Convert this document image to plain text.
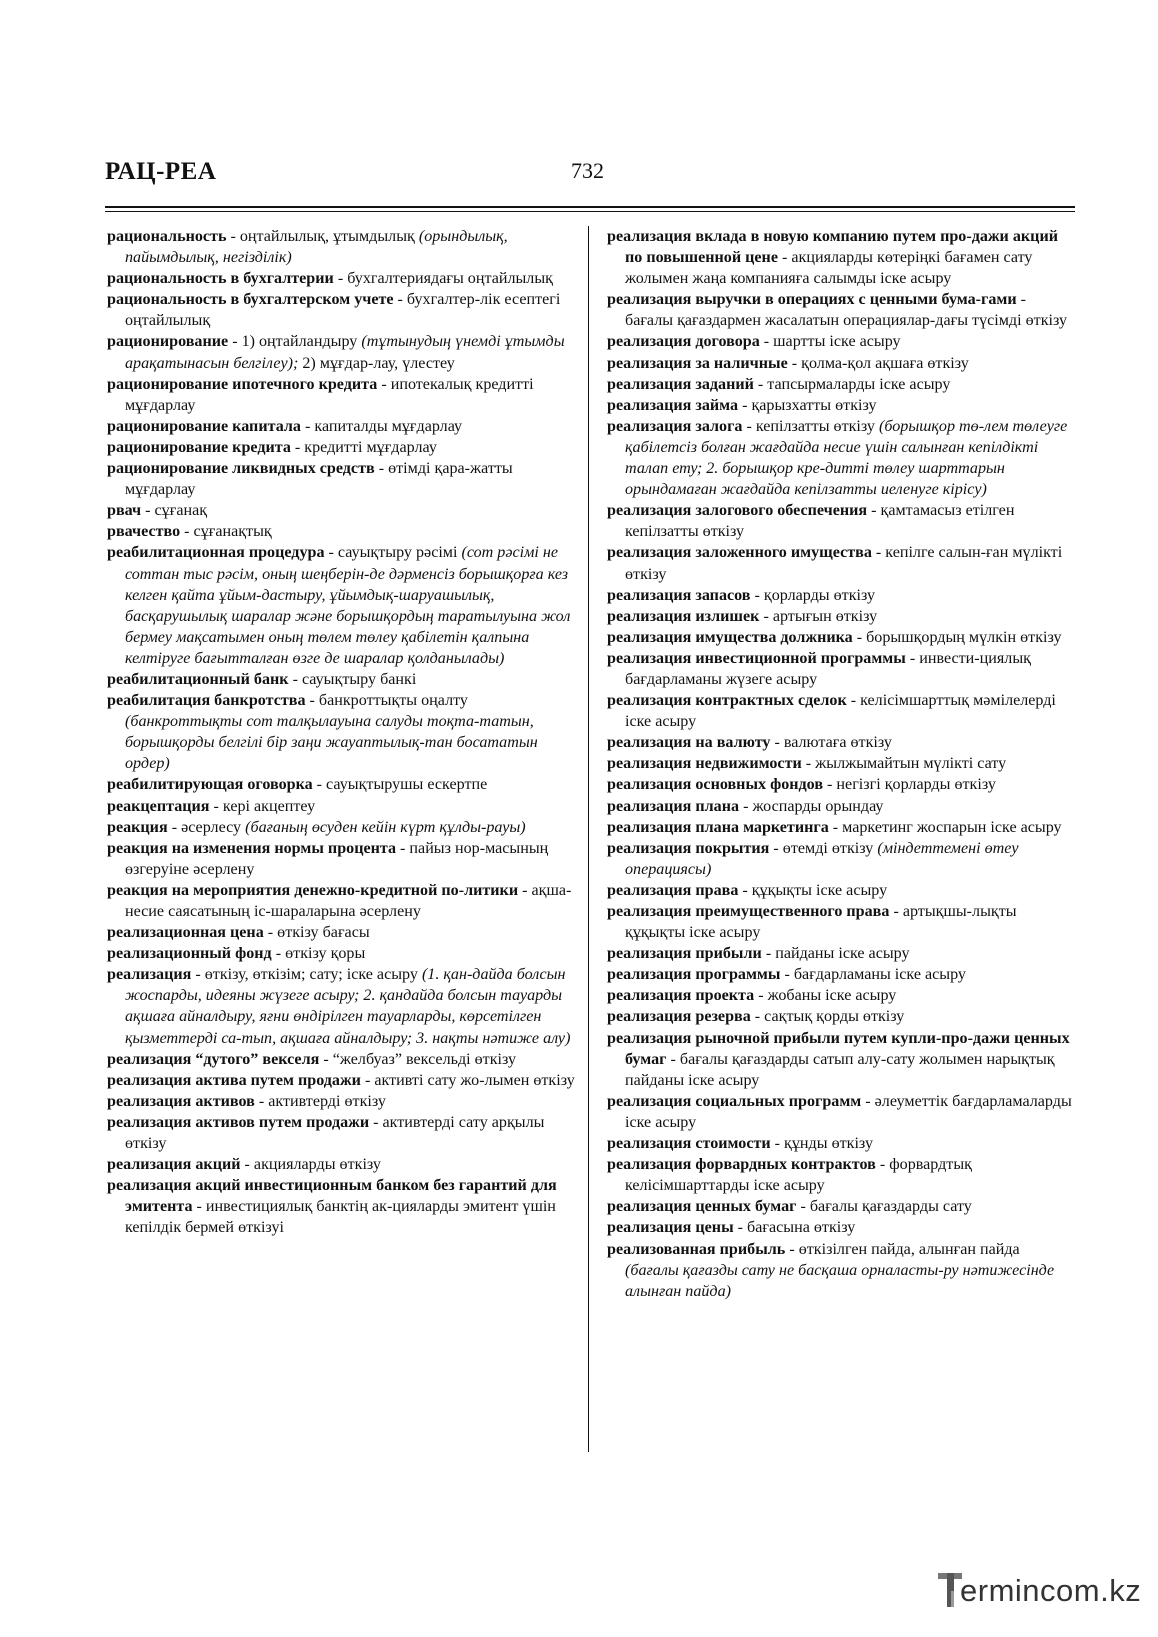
РАЦ-РЕА	732

рациональность - оңтайлылық, ұтымдылық (орындылық, пайымдылық, негізділік)

рациональность в бухгалтерии - бухгалтериядағы оңтайлылық

рациональность в бухгалтерском учете - бухгалтер-лік есептегі оңтайлылық

рационирование - 1) оңтайландыру (тұтынудың үнемді ұтымды арақатынасын белгілеу); 2) мұғдар-лау, үлестеу

рационирование ипотечного кредита - ипотекалық кредитті мұғдарлау

рационирование капитала - капиталды мұғдарлау

рационирование кредита - кредитті мұғдарлау

рационирование ликвидных средств - өтімді қара-жатты мұғдарлау

рвач - сұғанақ

рвачество - сұғанақтық

реабилитационная процедура - сауықтыру рәсімі (сот рәсімі не соттан тыс рәсім, оның шеңберін-де дәрменсіз борышқорға кез келген қайта ұйым-дастыру, ұйымдық-шаруашылық, басқарушылық шаралар және борышқордың таратылуына жол бермеу мақсатымен оның төлем төлеу қабілетін қалпына келтіруге бағытталған өзге де шаралар қолданылады)

реабилитационный банк - сауықтыру банкі

реабилитация банкротства - банкроттықты оңалту (банкроттықты сот талқылауына салуды тоқта-татын, борышқорды белгілі бір заңи жауаптылық-тан босататын ордер)

реабилитирующая оговорка - сауықтырушы ескертпе

реакцептация - кері акцептеу

реакция - әсерлесу (бағаның өсуден кейін күрт құлды-рауы)

реакция на изменения нормы процента - пайыз нор-масының өзгеруіне әсерлену

реакция на мероприятия денежно-кредитной по-литики - ақша-несие саясатының іс-шараларына әсерлену

реализационная цена - өткізу бағасы

реализационный фонд - өткізу қоры

реализация - өткізу, өткізім; сату; іске асыру (1. қан-дайда болсын жоспарды, идеяны жүзеге асыру; 2. қандайда болсын тауарды ақшаға айналдыру, яғни өндірілген тауарларды, көрсетілген қызметтерді са-тып, ақшаға айналдыру; 3. нақты нәтиже алу)

реализация “дутого” векселя - “желбуаз” вексельді өткізу

реализация актива путем продажи - активті сату жо-лымен өткізу

реализация активов - активтерді өткізу

реализация активов путем продажи - активтерді сату арқылы өткізу

реализация акций - акцияларды өткізу

реализация акций инвестиционным банком без гарантий для эмитента - инвестициялық банктің ак-цияларды эмитент үшін кепілдік бермей өткізуі

реализация вклада в новую компанию путем про-дажи акций по повышенной цене - акцияларды көтеріңкі бағамен сату жолымен жаңа компанияға салымды іске асыру

реализация выручки в операциях с ценными бума-гами - бағалы қағаздармен жасалатын операциялар-дағы түсімді өткізу

реализация договора - шартты іске асыру

реализация за наличные - қолма-қол ақшаға өткізу

реализация заданий - тапсырмаларды іске асыру

реализация займа - қарызхатты өткізу

реализация залога - кепілзатты өткізу (борышқор тө-лем төлеуге қабілетсіз болған жағдайда несие үшін салынған кепілдікті талап ету; 2. борышқор кре-дитті төлеу шарттарын орындамаған жағдайда кепілзатты иеленуге кірісу)

реализация залогового обеспечения - қамтамасыз етілген кепілзатты өткізу

реализация заложенного имущества - кепілге салын-ған мүлікті өткізу

реализация запасов - қорларды өткізу

реализация излишек - артығын өткізу

реализация имущества должника - борышқордың мүлкін өткізу

реализация инвестиционной программы - инвести-циялық бағдарламаны жүзеге асыру

реализация контрактных сделок - келісімшарттық мәмілелерді іске асыру

реализация на валюту - валютаға өткізу

реализация недвижимости - жылжымайтын мүлікті сату

реализация основных фондов - негізгі қорларды өткізу

реализация плана - жоспарды орындау

реализация плана маркетинга - маркетинг жоспарын іске асыру

реализация покрытия - өтемді өткізу (міндеттемені өтеу операциясы)

реализация права - құқықты іске асыру

реализация преимущественного права - артықшы-лықты құқықты іске асыру

реализация прибыли - пайданы іске асыру

реализация программы - бағдарламаны іске асыру

реализация проекта - жобаны іске асыру

реализация резерва - сақтық қорды өткізу

реализация рыночной прибыли путем купли-про-дажи ценных бумаг - бағалы қағаздарды сатып алу-сату жолымен нарықтық пайданы іске асыру

реализация социальных программ - әлеуметтік бағдарламаларды іске асыру

реализация стоимости - құнды өткізу

реализация форвардных контрактов - форвардтық келісімшарттарды іске асыру

реализация ценных бумаг - бағалы қағаздарды сату

реализация цены - бағасына өткізу

реализованная прибыль - өткізілген пайда, алынған пайда (бағалы қағазды сату не басқаша орналасты-ру нәтижесінде алынған пайда)

ermincom.kz
